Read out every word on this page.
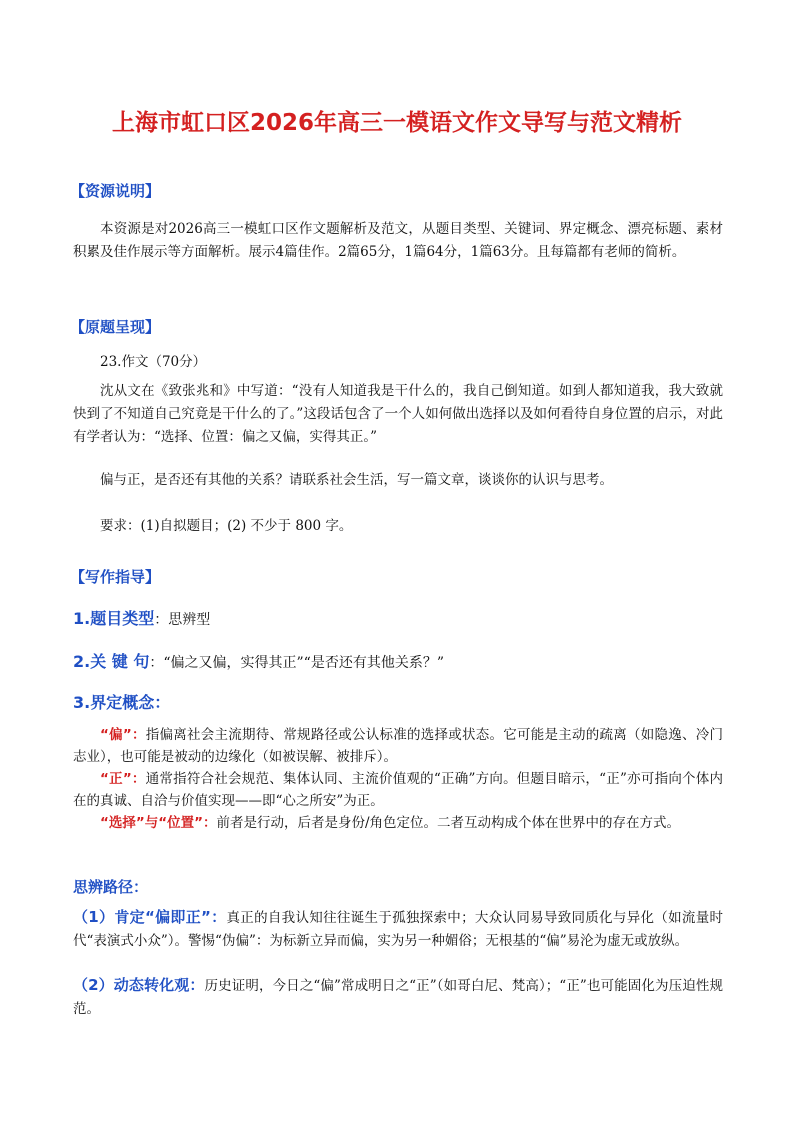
上海市虹口区2026年高三一模语文作文导写与范文精析
【资源说明】
本资源是对2026高三一模虹口区作文题解析及范文，从题目类型、关键词、界定概念、漂亮标题、素材积累及佳作展示等方面解析。展示4篇佳作。2篇65分，1篇64分，1篇63分。且每篇都有老师的简析。
【原题呈现】
23.作文（70分）
沈从文在《致张兆和》中写道：“没有人知道我是干什么的，我自己倒知道。如到人都知道我，我大致就快到了不知道自己究竟是干什么的了。”这段话包含了一个人如何做出选择以及如何看待自身位置的启示，对此有学者认为：“选择、位置：偏之又偏，实得其正。”
偏与正，是否还有其他的关系？请联系社会生活，写一篇文章，谈谈你的认识与思考。
要求：(1)自拟题目；(2) 不少于 800 字。
【写作指导】
1.题目类型：思辨型
2.关 键 句：“偏之又偏，实得其正”“是否还有其他关系？”
3.界定概念：
“偏”：指偏离社会主流期待、常规路径或公认标准的选择或状态。它可能是主动的疏离（如隐逸、冷门志业），也可能是被动的边缘化（如被误解、被排斥）。
“正”：通常指符合社会规范、集体认同、主流价值观的“正确”方向。但题目暗示，“正”亦可指向个体内在的真诚、自洽与价值实现——即“心之所安”为正。
“选择”与“位置”：前者是行动，后者是身份/角色定位。二者互动构成个体在世界中的存在方式。
思辨路径：
（1）肯定“偏即正”：真正的自我认知往往诞生于孤独探索中；大众认同易导致同质化与异化（如流量时代“表演式小众”）。警惕“伪偏”：为标新立异而偏，实为另一种媚俗；无根基的“偏”易沦为虚无或放纵。
（2）动态转化观：历史证明，今日之“偏”常成明日之“正”（如哥白尼、梵高）；“正”也可能固化为压迫性规范。
